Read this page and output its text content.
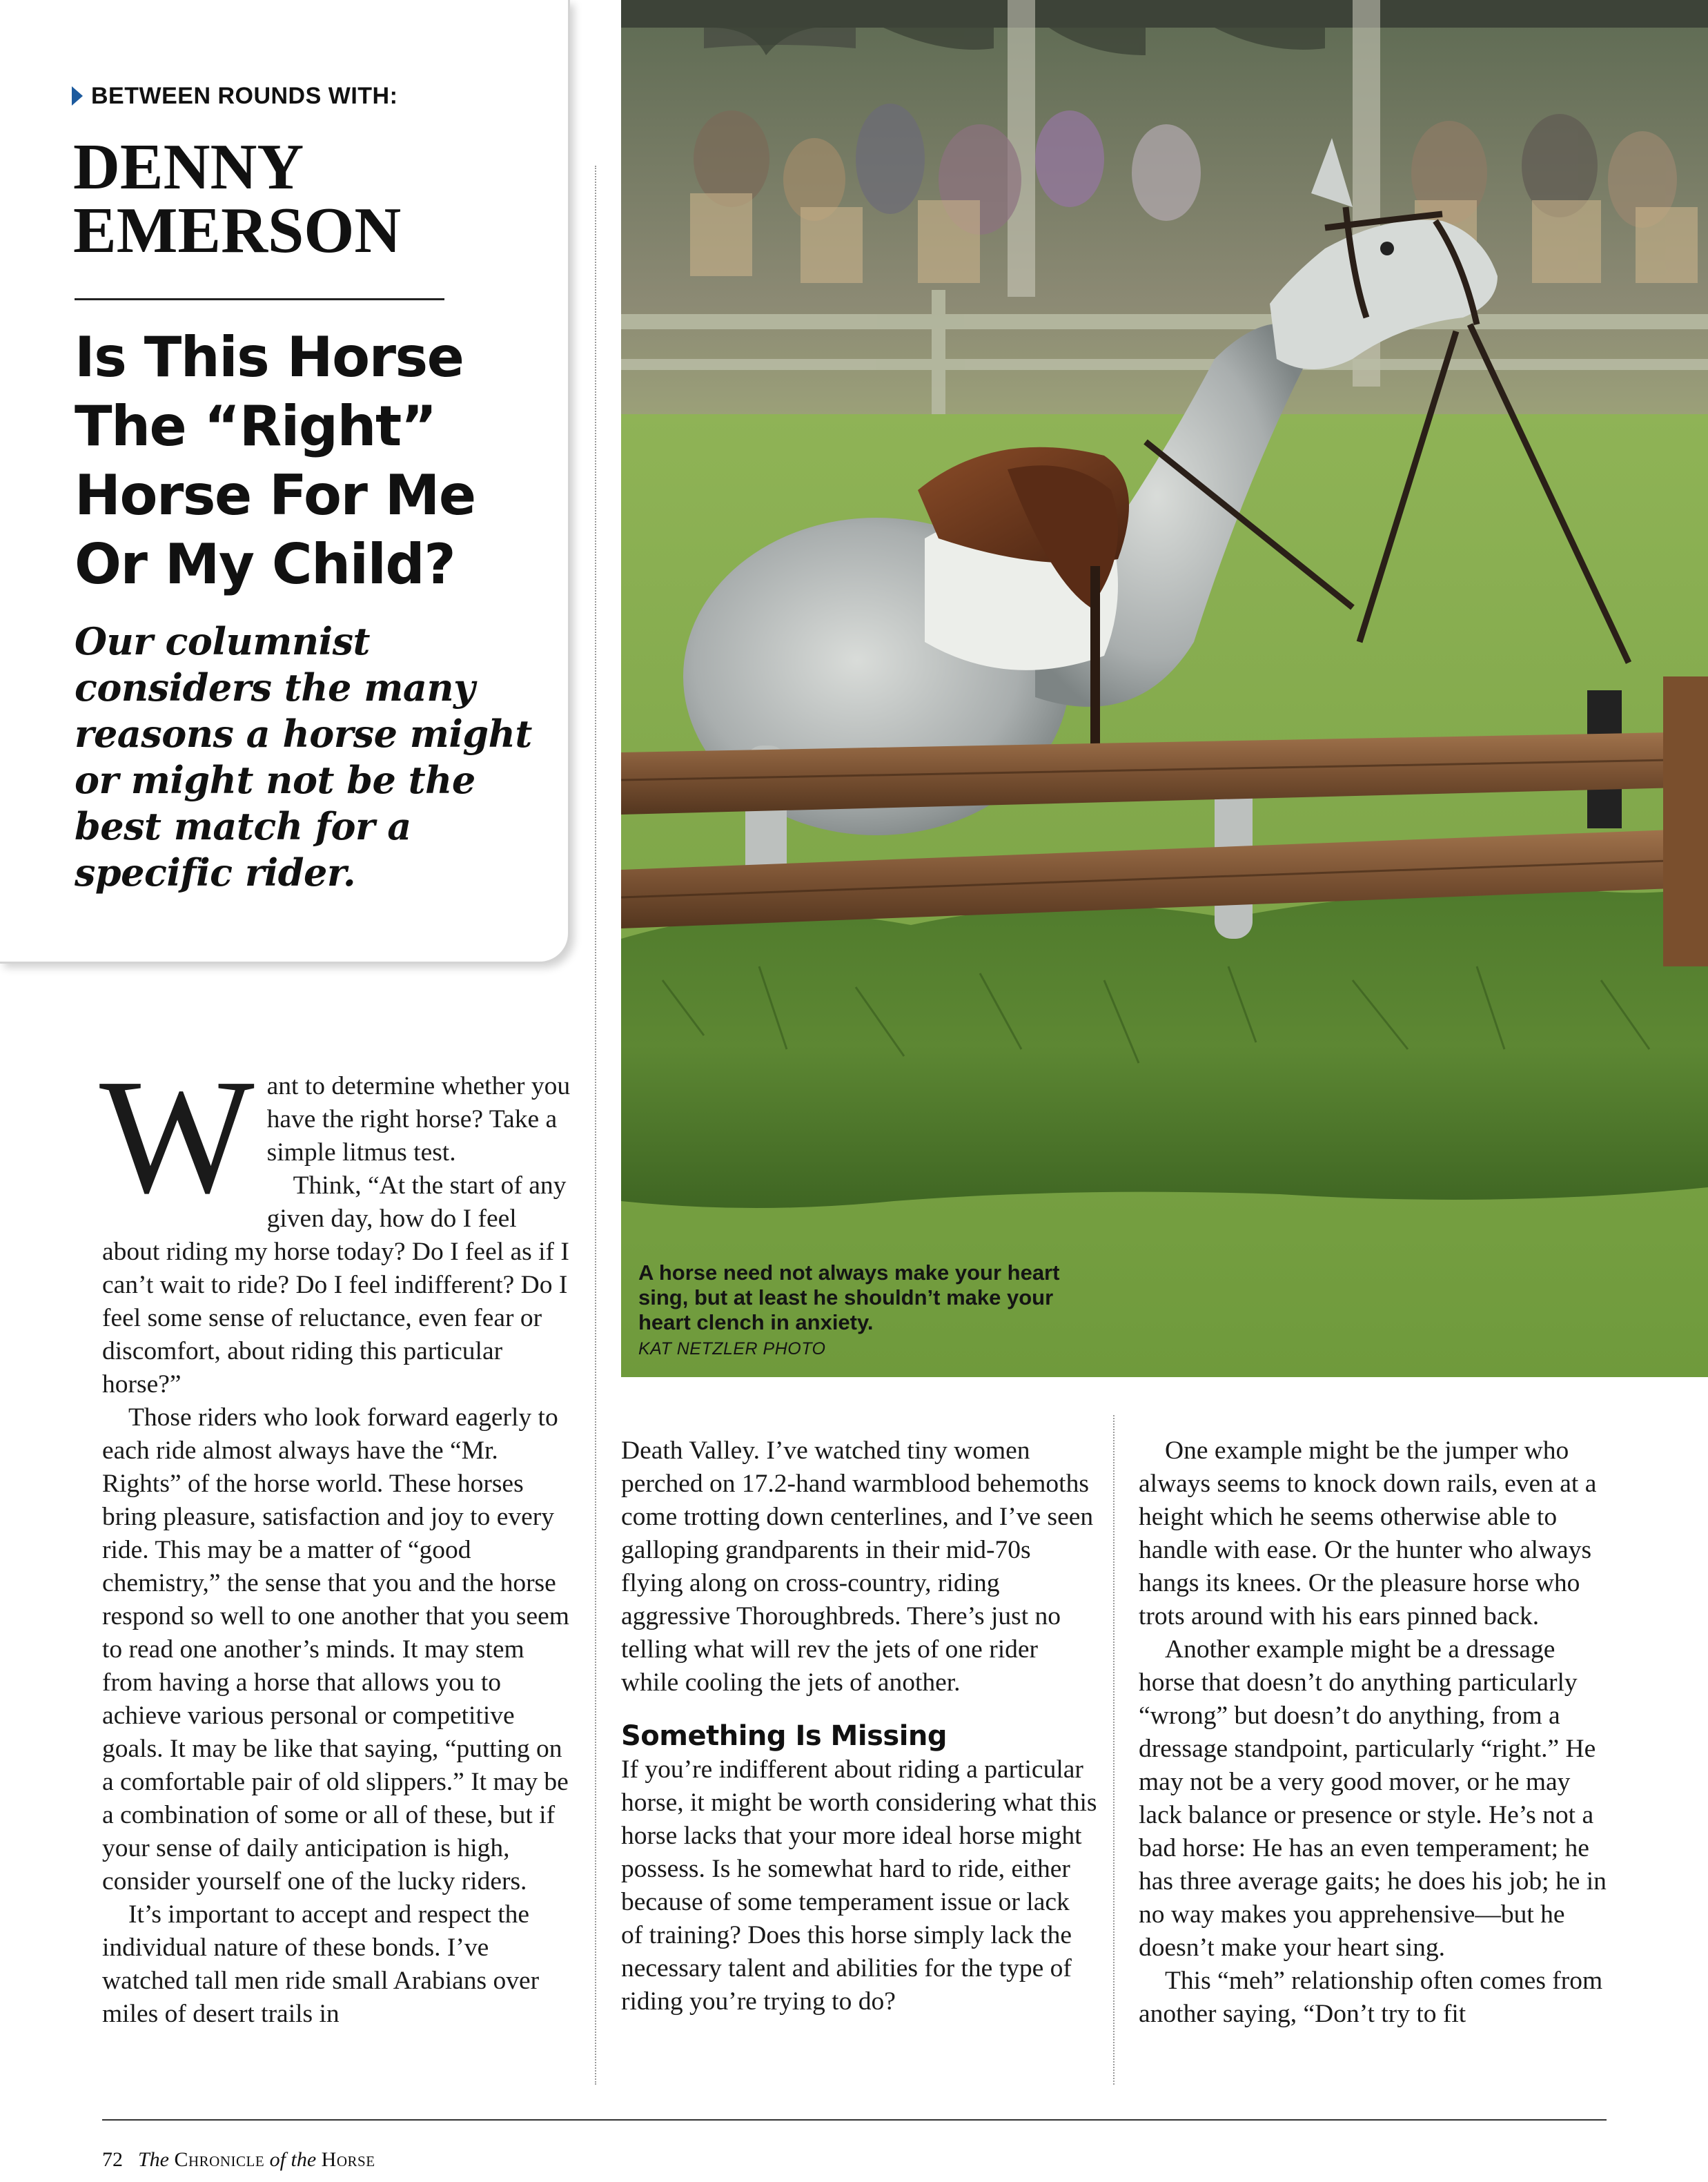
A horse need not always make your heart sing, but at least he shouldn’t make your heart clench in anxiety.
KAT NETZLER PHOTO
BETWEEN ROUNDS WITH:
DENNY
EMERSON
Is This Horse
The “Right”
Horse For Me
Or My Child?
Our columnist
considers the many
reasons a horse might
or might not be the
best match for a
specific rider.
W ant to determine whether you have the right horse? Take a simple litmus test.

Think, “At the start of any given day, how do I feel about riding my horse today? Do I feel as if I can’t wait to ride? Do I feel indifferent? Do I feel some sense of reluctance, even fear or discomfort, about riding this particular horse?”

Those riders who look forward eagerly to each ride almost always have the “Mr. Rights” of the horse world. These horses bring pleasure, satisfaction and joy to every ride. This may be a matter of “good chemistry,” the sense that you and the horse respond so well to one another that you seem to read one another’s minds. It may stem from having a horse that allows you to achieve various personal or competitive goals. It may be like that saying, “putting on a comfortable pair of old slippers.” It may be a combination of some or all of these, but if your sense of daily anticipation is high, consider yourself one of the lucky riders.

It’s important to accept and respect the individual nature of these bonds. I’ve watched tall men ride small Arabians over miles of desert trails in

Death Valley. I’ve watched tiny women perched on 17.2-hand warmblood behemoths come trotting down centerlines, and I’ve seen galloping grandparents in their mid-70s flying along on cross-country, riding aggressive Thoroughbreds. There’s just no telling what will rev the jets of one rider while cooling the jets of another.

Something Is Missing

If you’re indifferent about riding a particular horse, it might be worth considering what this horse lacks that your more ideal horse might possess. Is he somewhat hard to ride, either because of some temperament issue or lack of training? Does this horse simply lack the necessary talent and abilities for the type of riding you’re trying to do?

One example might be the jumper who always seems to knock down rails, even at a height which he seems otherwise able to handle with ease. Or the hunter who always hangs its knees. Or the pleasure horse who trots around with his ears pinned back.

Another example might be a dressage horse that doesn’t do anything particularly “wrong” but doesn’t do anything, from a dressage standpoint, particularly “right.” He may not be a very good mover, or he may lack balance or presence or style. He’s not a bad horse: He has an even temperament; he has three average gaits; he does his job; he in no way makes you apprehensive—but he doesn’t make your heart sing.

This “meh” relationship often comes from another saying, “Don’t try to fit

72 The Chronicle of the Horse
